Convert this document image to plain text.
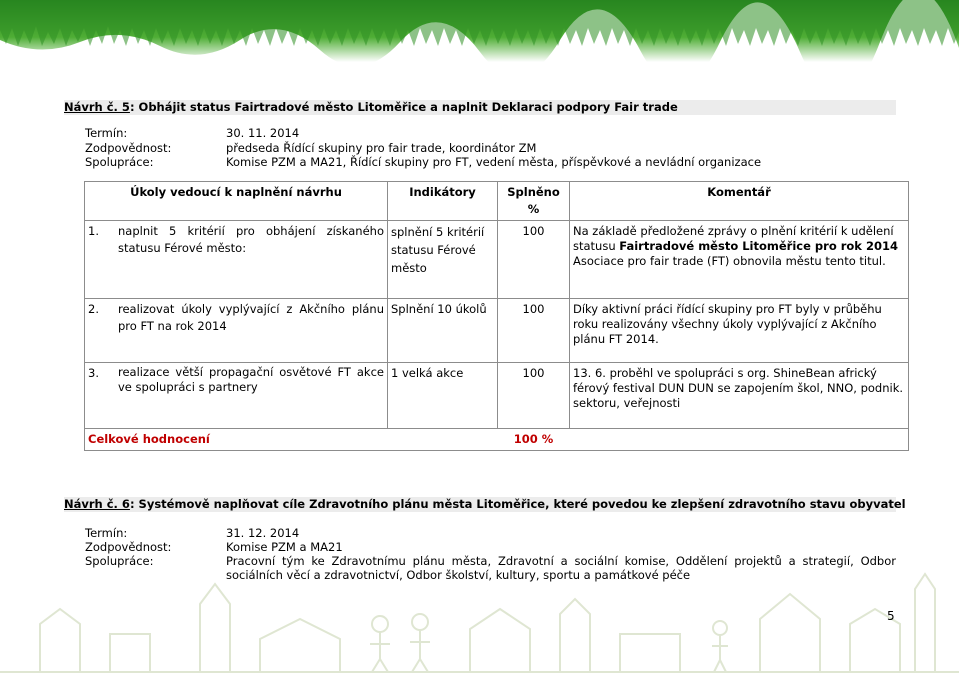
Návrh č. 5: Obhájit status Fairtradové město Litoměřice a naplnit Deklaraci podpory Fair trade
Termín:	30. 11. 2014
Zodpovědnost:	předseda Řídící skupiny pro fair trade, koordinátor ZM
Spolupráce:	Komise PZM a MA21, Řídící skupiny pro FT, vedení města, příspěvkové a nevládní organizace
Úkoly vedoucí k naplnění návrhu	Indikátory	Splněno %	Komentář

1. naplnit 5 kritérií pro obhájení získaného statusu Férové město:	splnění 5 kritérií statusu Férové město	100	Na základě předložené zprávy o plnění kritérií k udělení statusu Fairtradové město Litoměřice pro rok 2014 Asociace pro fair trade (FT) obnovila městu tento titul.

2. realizovat úkoly vyplývající z Akčního plánu pro FT na rok 2014	Splnění 10 úkolů	100	Díky aktivní práci řídící skupiny pro FT byly v průběhu roku realizovány všechny úkoly vyplývající z Akčního plánu FT 2014.

3. realizace větší propagační osvětové FT akce ve spolupráci s partnery	1 velká akce	100	13. 6. proběhl ve spolupráci s org. ShineBean africký férový festival DUN DUN se zapojením škol, NNO, podnik. sektoru, veřejnosti
Celkové hodnocení		100 %	
Návrh č. 6: Systémově naplňovat cíle Zdravotního plánu města Litoměřice, které povedou ke zlepšení zdravotního stavu obyvatel
Termín:	31. 12. 2014
Zodpovědnost:	Komise PZM a MA21
Spolupráce:	Pracovní tým ke Zdravotnímu plánu města, Zdravotní a sociální komise, Oddělení projektů a strategií, Odbor sociálních věcí a zdravotnictví, Odbor školství, kultury, sportu a památkové péče
5
